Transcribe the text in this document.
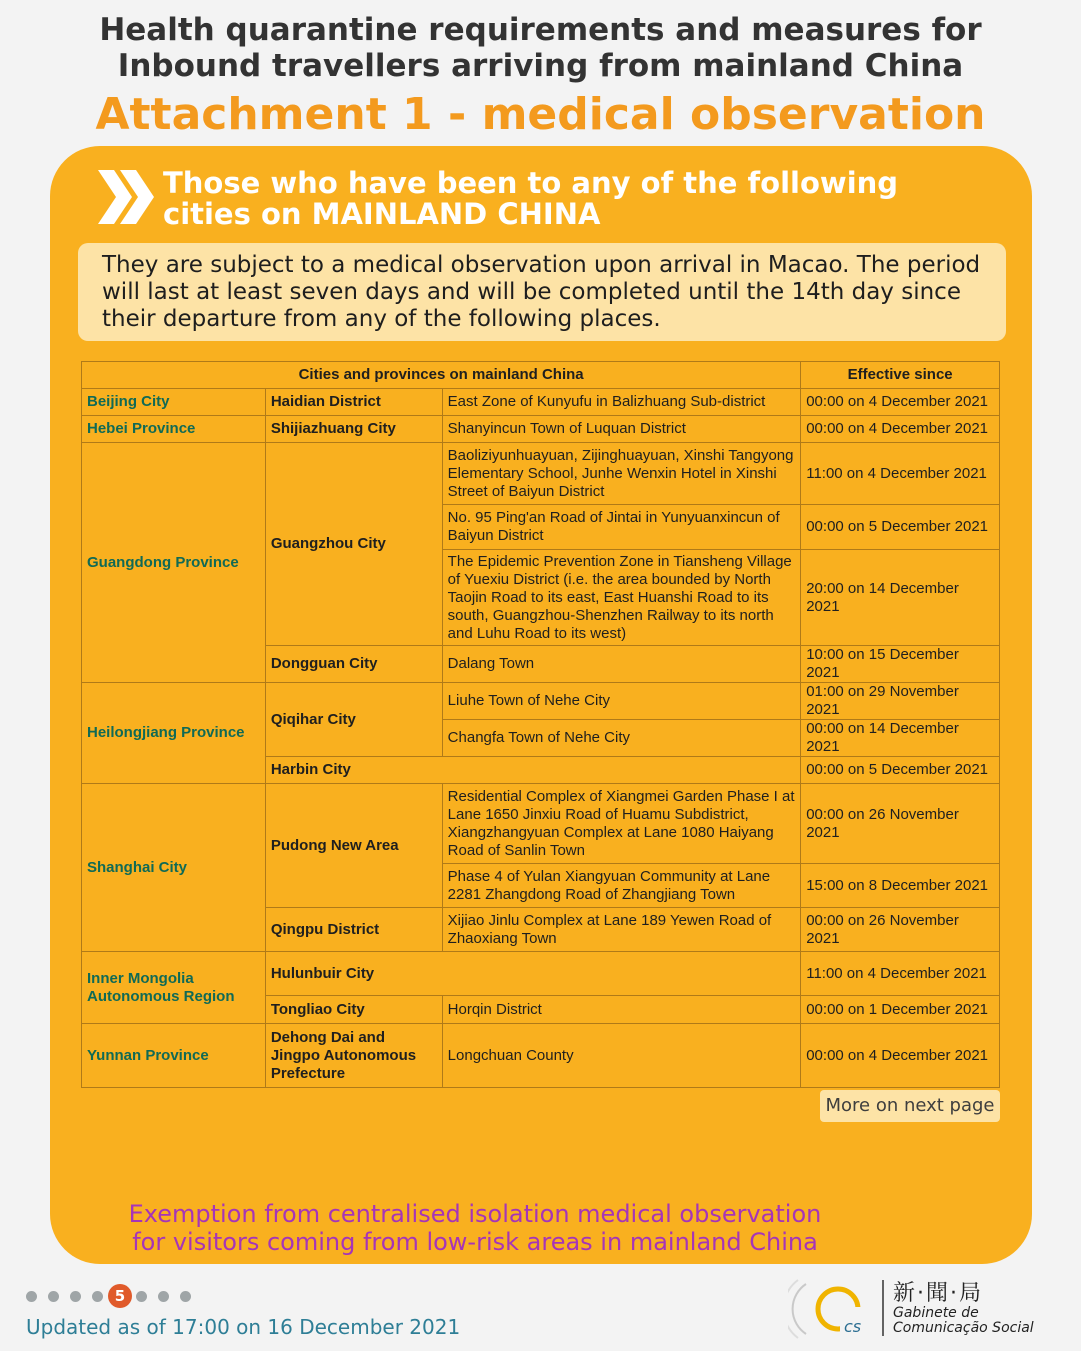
Health quarantine requirements and measures for
Inbound travellers arriving from mainland China
Attachment 1 - medical observation
Those who have been to any of the following
cities on MAINLAND CHINA

They are subject to a medical observation upon arrival in Macao. The period will last at least seven days and will be completed until the 14th day since their departure from any of the following places.

Cities and provinces on mainland China			Effective since
Beijing City	Haidian District	East Zone of Kunyufu in Balizhuang Sub-district	00:00 on 4 December 2021
Hebei Province	Shijiazhuang City	Shanyincun Town of Luquan District	00:00 on 4 December 2021
Guangdong Province	Guangzhou City	Baoliziyunhuayuan, Zijinghuayuan, Xinshi Tangyong Elementary School, Junhe Wenxin Hotel in Xinshi Street of Baiyun District	11:00 on 4 December 2021
		No. 95 Ping'an Road of Jintai in Yunyuanxincun of Baiyun District	00:00 on 5 December 2021
		The Epidemic Prevention Zone in Tiansheng Village of Yuexiu District (i.e. the area bounded by North Taojin Road to its east, East Huanshi Road to its south, Guangzhou-Shenzhen Railway to its north and Luhu Road to its west)	20:00 on 14 December 2021
	Dongguan City	Dalang Town	10:00 on 15 December 2021
Heilongjiang Province	Qiqihar City	Liuhe Town of Nehe City	01:00 on 29 November 2021
		Changfa Town of Nehe City	00:00 on 14 December 2021
	Harbin City		00:00 on 5 December 2021
Shanghai City	Pudong New Area	Residential Complex of Xiangmei Garden Phase I at Lane 1650 Jinxiu Road of Huamu Subdistrict, Xiangzhangyuan Complex at Lane 1080 Haiyang Road of Sanlin Town	00:00 on 26 November 2021
		Phase 4 of Yulan Xiangyuan Community at Lane 2281 Zhangdong Road of Zhangjiang Town	15:00 on 8 December 2021
	Qingpu District	Xijiao Jinlu Complex at Lane 189 Yewen Road of Zhaoxiang Town	00:00 on 26 November 2021
Inner Mongolia Autonomous Region	Hulunbuir City		11:00 on 4 December 2021
	Tongliao City	Horqin District	00:00 on 1 December 2021
Yunnan Province	Dehong Dai and Jingpo Autonomous Prefecture	Longchuan County	00:00 on 4 December 2021
More on next page
Exemption from centralised isolation medical observation
for visitors coming from low-risk areas in mainland China
5
Updated as of 17:00 on 16 December 2021	cs
新·聞·局
Gabinete de
Comunicação Social
